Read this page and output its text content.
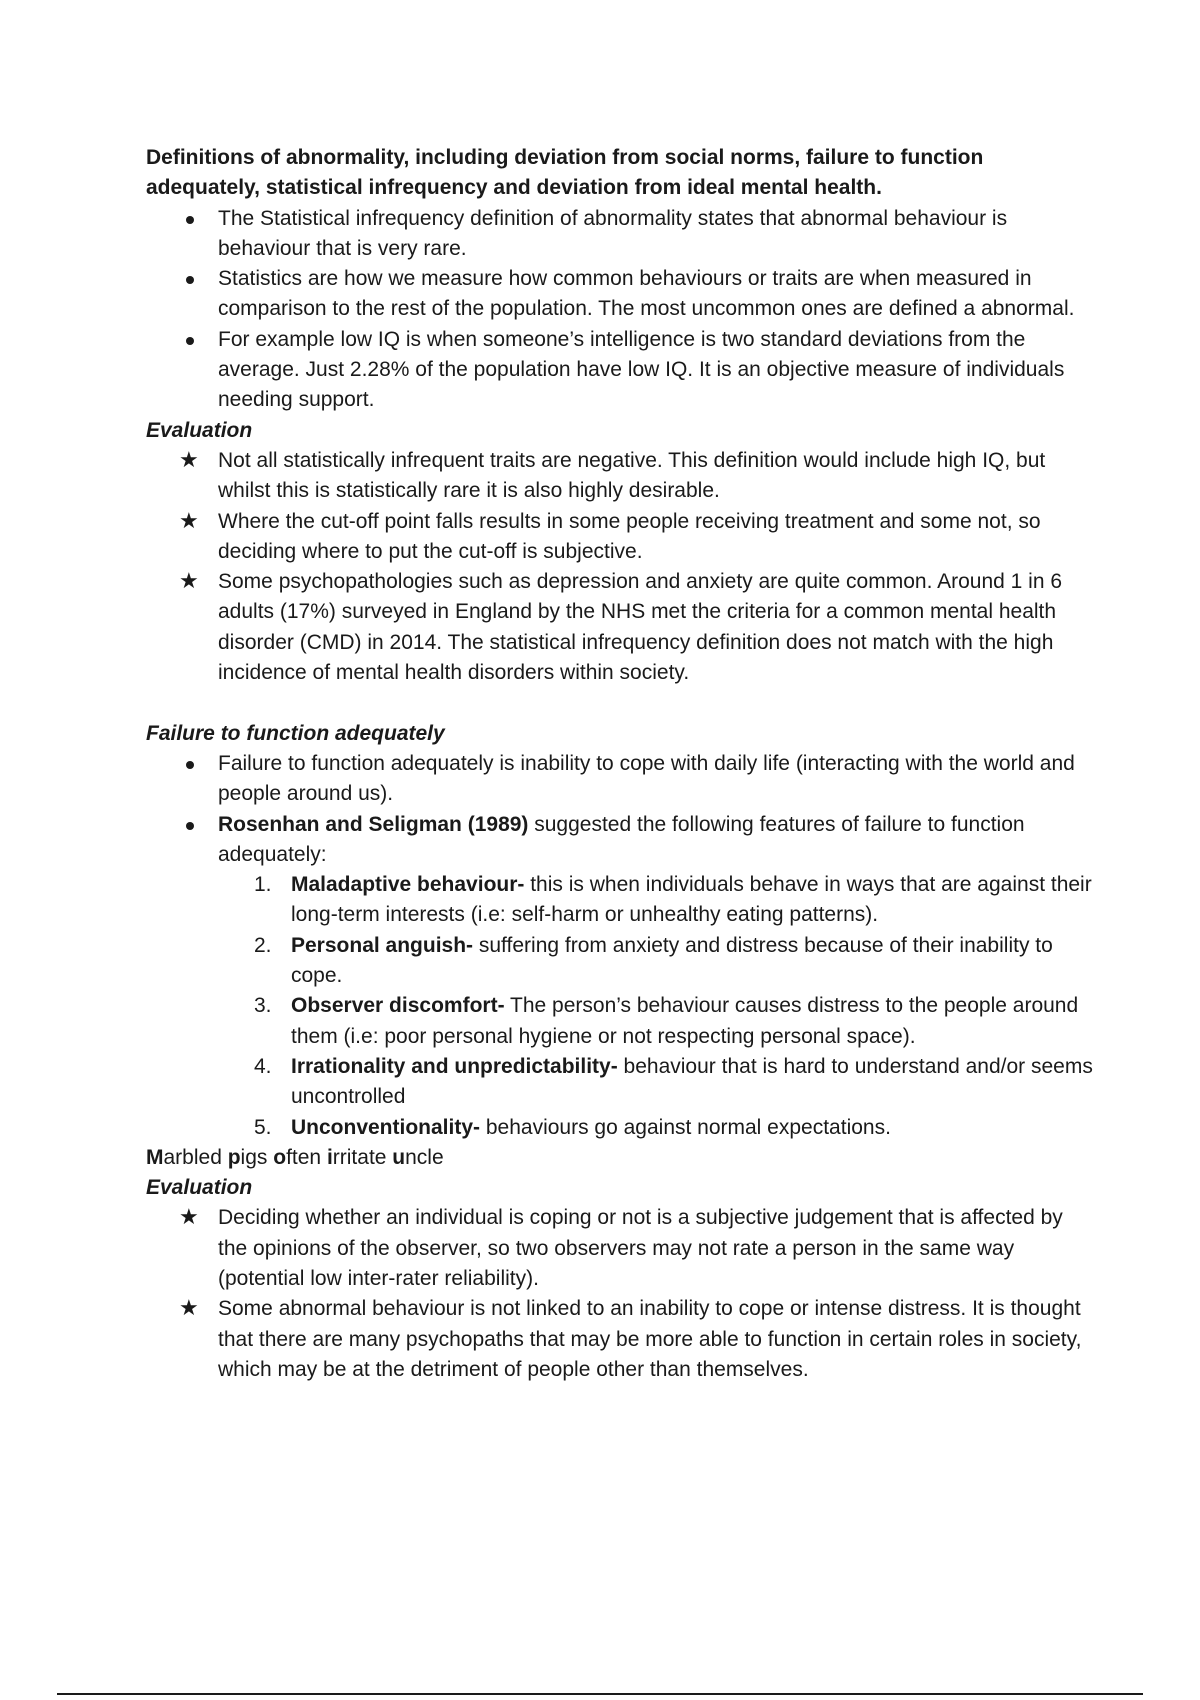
Definitions of abnormality, including deviation from social norms, failure to function adequately, statistical infrequency and deviation from ideal mental health.

The Statistical infrequency definition of abnormality states that abnormal behaviour is behaviour that is very rare.
Statistics are how we measure how common behaviours or traits are when measured in comparison to the rest of the population. The most uncommon ones are defined a abnormal.
For example low IQ is when someone’s intelligence is two standard deviations from the average. Just 2.28% of the population have low IQ. It is an objective measure of individuals needing support.

Evaluation

★ Not all statistically infrequent traits are negative. This definition would include high IQ, but whilst this is statistically rare it is also highly desirable.
★ Where the cut-off point falls results in some people receiving treatment and some not, so deciding where to put the cut-off is subjective.
★ Some psychopathologies such as depression and anxiety are quite common. Around 1 in 6 adults (17%) surveyed in England by the NHS met the criteria for a common mental health disorder (CMD) in 2014. The statistical infrequency definition does not match with the high incidence of mental health disorders within society.

Failure to function adequately

Failure to function adequately is inability to cope with daily life (interacting with the world and people around us).
Rosenhan and Seligman (1989) suggested the following features of failure to function adequately:
1. Maladaptive behaviour- this is when individuals behave in ways that are against their long-term interests (i.e: self-harm or unhealthy eating patterns).
2. Personal anguish- suffering from anxiety and distress because of their inability to cope.
3. Observer discomfort- The person’s behaviour causes distress to the people around them (i.e: poor personal hygiene or not respecting personal space).
4. Irrationality and unpredictability- behaviour that is hard to understand and/or seems uncontrolled
5. Unconventionality- behaviours go against normal expectations.

Marbled pigs often irritate uncle

Evaluation

★ Deciding whether an individual is coping or not is a subjective judgement that is affected by the opinions of the observer, so two observers may not rate a person in the same way (potential low inter-rater reliability).
★ Some abnormal behaviour is not linked to an inability to cope or intense distress. It is thought that there are many psychopaths that may be more able to function in certain roles in society, which may be at the detriment of people other than themselves.
